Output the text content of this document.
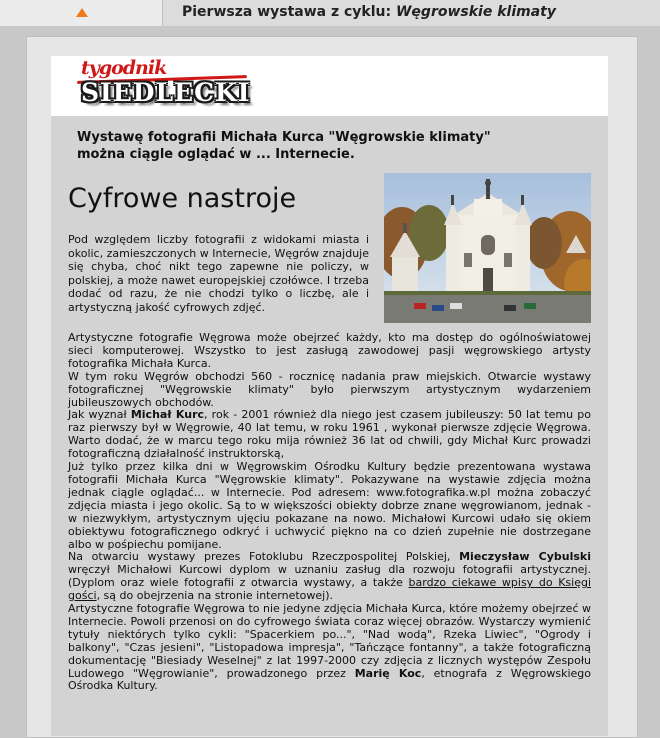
Pierwsza wystawa z cyklu: Węgrowskie klimaty
tygodnik
SIEDLECKI
Wystawę fotografii Michała Kurca "Węgrowskie klimaty" można ciągle oglądać w ... Internecie.
Cyfrowe nastroje
Pod względem liczby fotografii z widokami miasta i okolic, zamieszczonych w Internecie, Węgrów znajduje się chyba, choć nikt tego zapewne nie policzy, w polskiej, a może nawet europejskiej czołówce. I trzeba dodać od razu, że nie chodzi tylko o liczbę, ale i artystyczną jakość cyfrowych zdjęć.

Artystyczne fotografie Węgrowa może obejrzeć każdy, kto ma dostęp do ogólnoświatowej sieci komputerowej. Wszystko to jest zasługą zawodowej pasji węgrowskiego artysty fotografika Michała Kurca.

W tym roku Węgrów obchodzi 560 - rocznicę nadania praw miejskich. Otwarcie wystawy fotograficznej "Węgrowskie klimaty" było pierwszym artystycznym wydarzeniem jubileuszowych obchodów.

Jak wyznał Michał Kurc, rok - 2001 również dla niego jest czasem jubileuszy: 50 lat temu po raz pierwszy był w Węgrowie, 40 lat temu, w roku 1961 , wykonał pierwsze zdjęcie Węgrowa. Warto dodać, że w marcu tego roku mija również 36 lat od chwili, gdy Michał Kurc prowadzi fotograficzną działalność instruktorską,

Już tylko przez kilka dni w Węgrowskim Ośrodku Kultury będzie prezentowana wystawa fotografii Michała Kurca "Węgrowskie klimaty". Pokazywane na wystawie zdjęcia można jednak ciągle oglądać... w Internecie. Pod adresem: www.fotografika.w.pl można zobaczyć zdjęcia miasta i jego okolic. Są to w większości obiekty dobrze znane węgrowianom, jednak - w niezwykłym, artystycznym ujęciu pokazane na nowo. Michałowi Kurcowi udało się okiem obiektywu fotograficznego odkryć i uchwycić piękno na co dzień zupełnie nie dostrzegane albo w pośpiechu pomijane.

Na otwarciu wystawy prezes Fotoklubu Rzeczpospolitej Polskiej, Mieczysław Cybulski wręczył Michałowi Kurcowi dyplom w uznaniu zasług dla rozwoju fotografii artystycznej. (Dyplom oraz wiele fotografii z otwarcia wystawy, a także bardzo ciekawe wpisy do Księgi gości, są do obejrzenia na stronie internetowej).

Artystyczne fotografie Węgrowa to nie jedyne zdjęcia Michała Kurca, które możemy obejrzeć w Internecie. Powoli przenosi on do cyfrowego świata coraz więcej obrazów. Wystarczy wymienić tytuły niektórych tylko cykli: "Spacerkiem po...", "Nad wodą", Rzeka Liwiec", "Ogrody i balkony", "Czas jesieni", "Listopadowa impresja", "Tańczące fontanny", a także fotograficzną dokumentację "Biesiady Weselnej" z lat 1997-2000 czy zdjęcia z licznych występów Zespołu Ludowego "Węgrowianie", prowadzonego przez Marię Koc, etnografa z Węgrowskiego Ośrodka Kultury.
